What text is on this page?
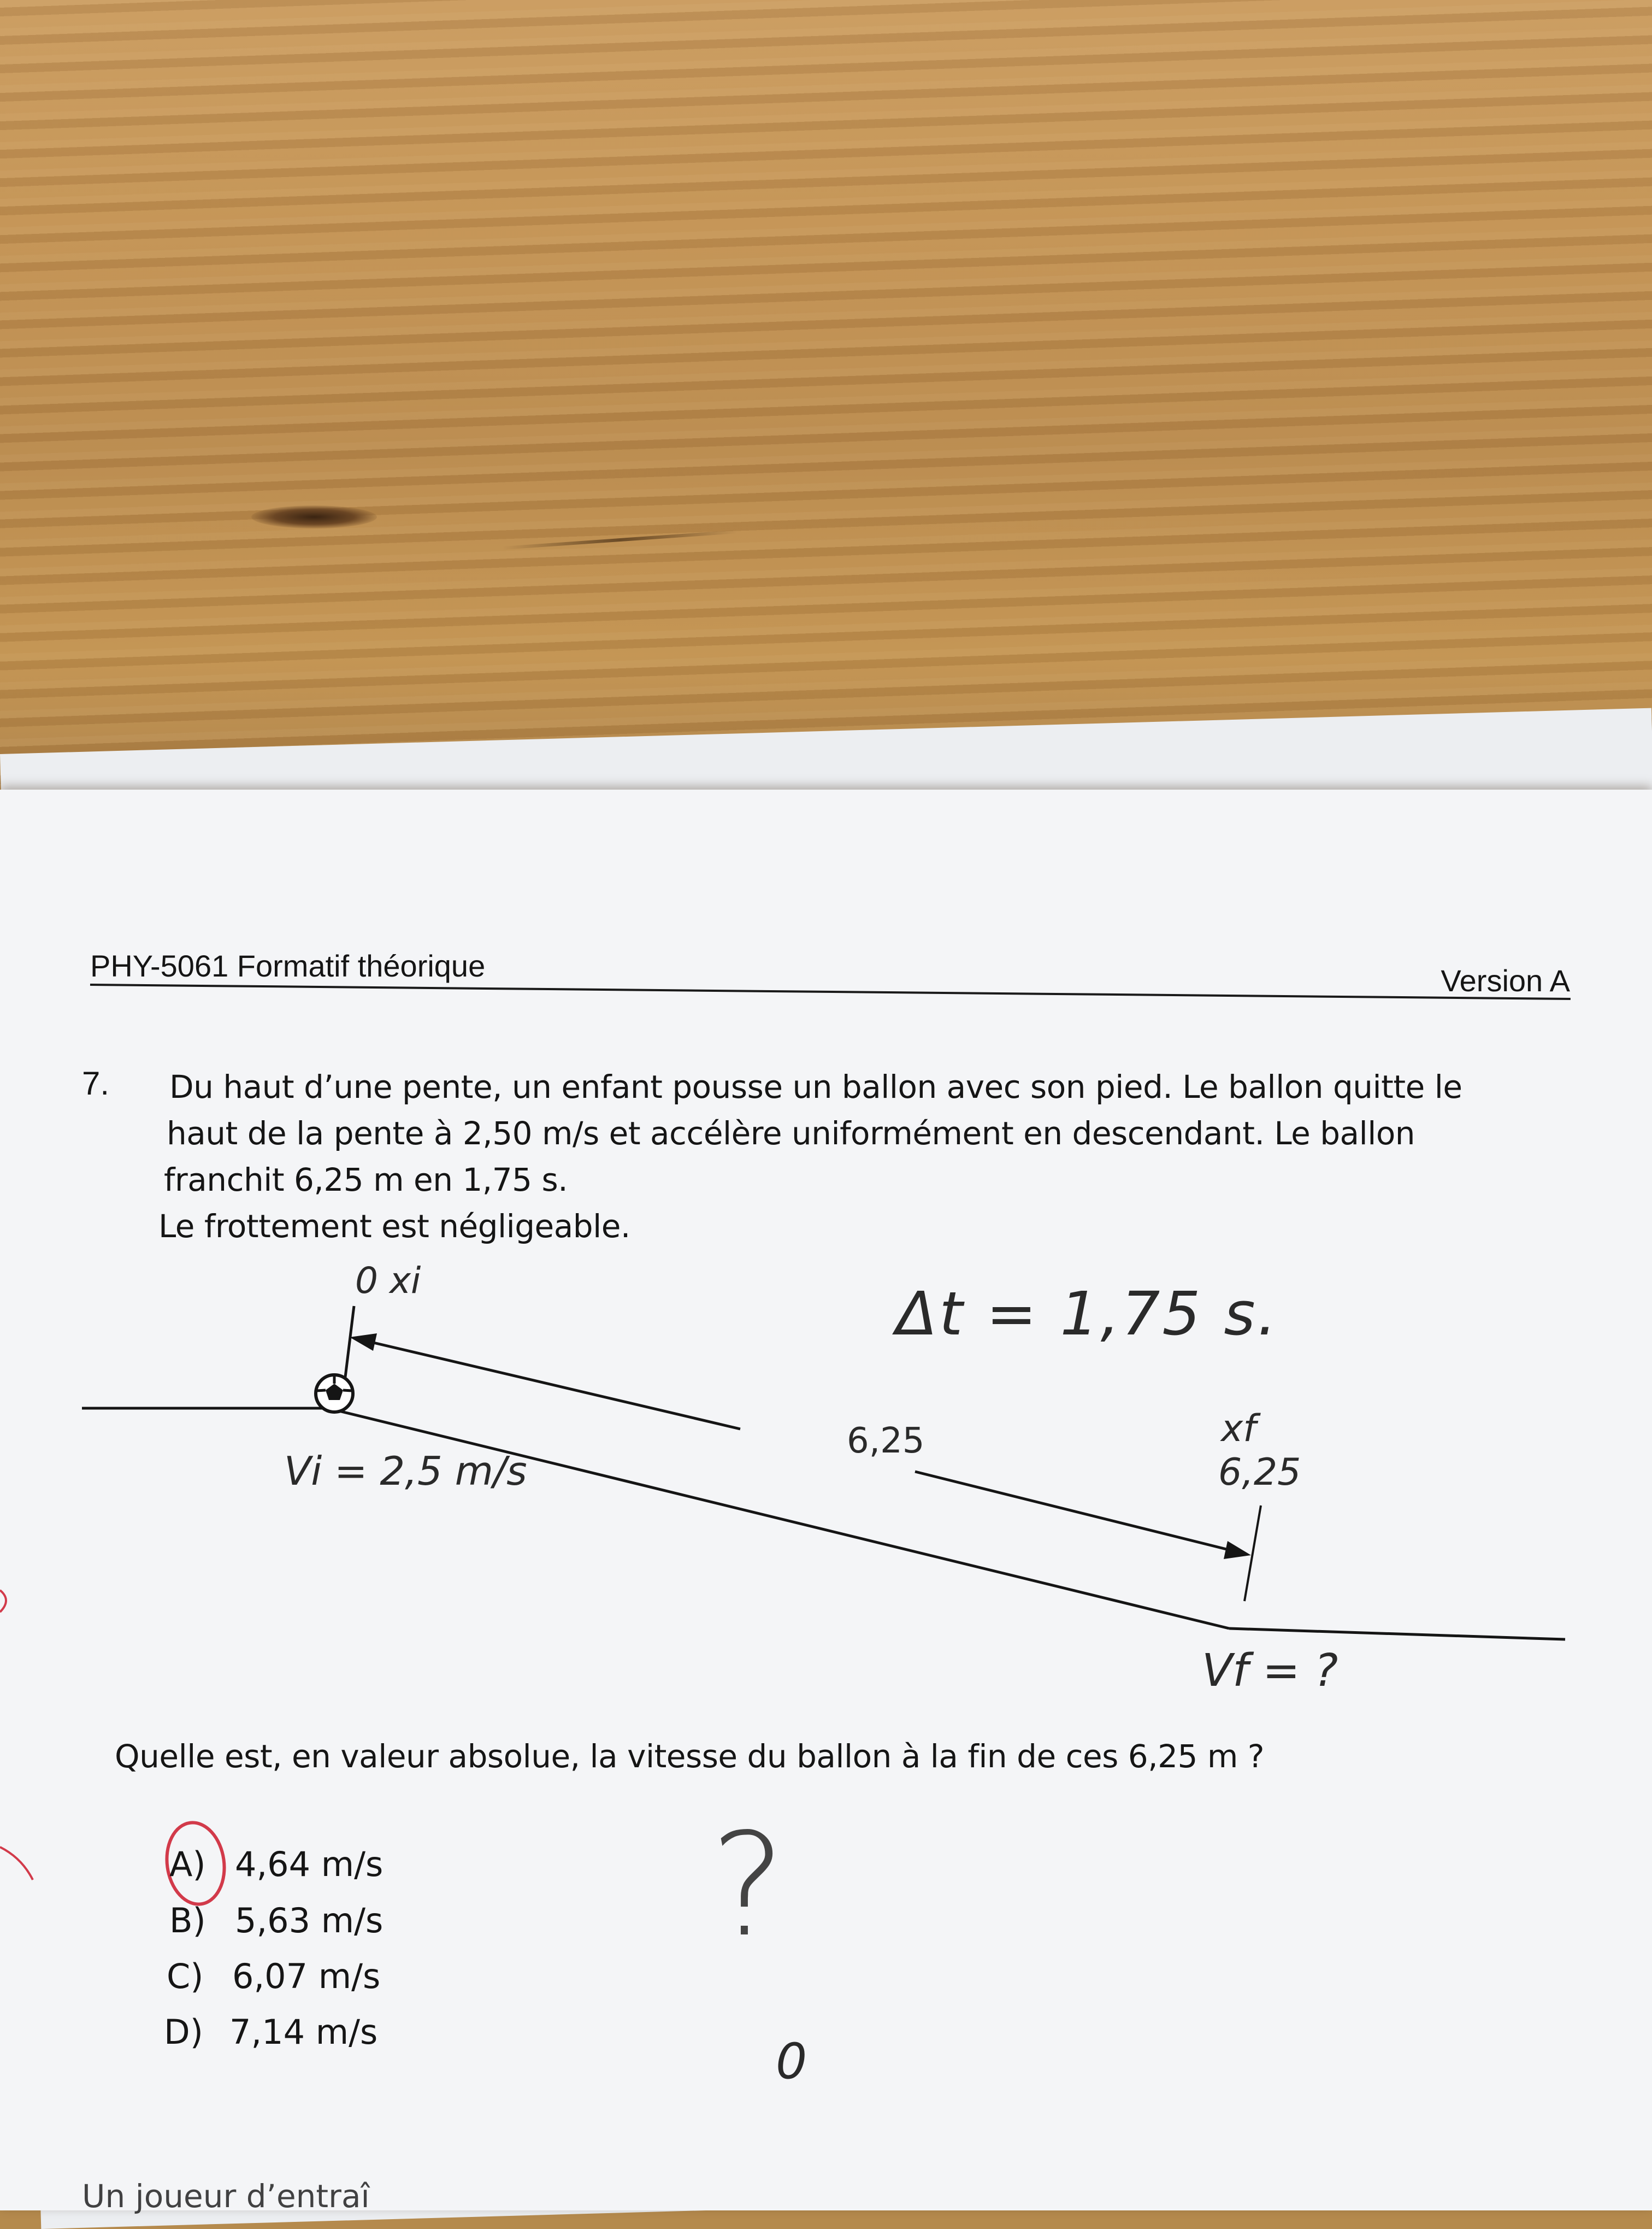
PHY-5061 Formatif théorique	Version A
7. Du haut d’une pente, un enfant pousse un ballon avec son pied. Le ballon quitte le
haut de la pente à 2,50 m/s et accélère uniformément en descendant. Le ballon
franchit 6,25 m en 1,75 s.
Le frottement est négligeable.
0 xi	Δt = 1,75 s.
6,25	xf
6,25
Vi = 2,5 m/s
Vf = ?
?
0
Quelle est, en valeur absolue, la vitesse du ballon à la fin de ces 6,25 m ?
A) 4,64 m/s
B) 5,63 m/s
C) 6,07 m/s
D) 7,14 m/s
Un joueur d’entraî
